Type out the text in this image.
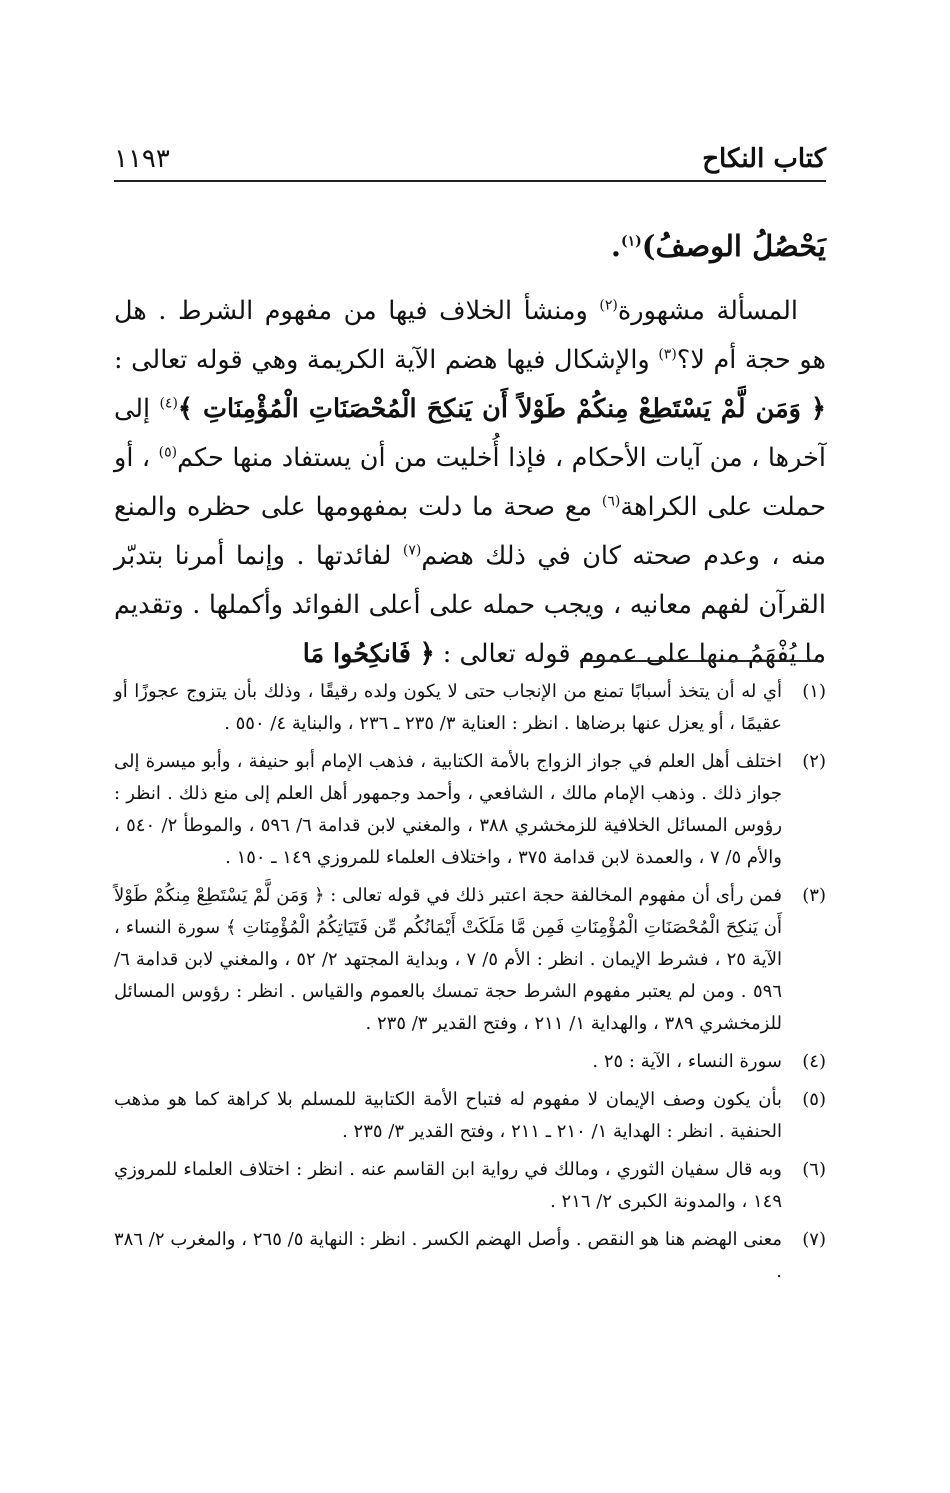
كتاب النكاح
١١٩٣

يَحْصُلُ الوصفُ)$^{(١)}$.

المسألة مشهورة$^{(٢)}$ ومنشأ الخلاف فيها من مفهوم الشرط . هل هو حجة أم لا؟$^{(٣)}$ والإشكال فيها هضم الآية الكريمة وهي قوله تعالى : ﴿ وَمَن لَّمْ يَسْتَطِعْ مِنكُمْ طَوْلاً أَن يَنكِحَ الْمُحْصَنَاتِ الْمُؤْمِنَاتِ ﴾$^{(٤)}$ إلى آخرها ، من آيات الأحكام ، فإذا أُخليت من أن يستفاد منها حكم$^{(٥)}$ ، أو حملت على الكراهة$^{(٦)}$ مع صحة ما دلت بمفهومها على حظره والمنع منه ، وعدم صحته كان في ذلك هضم$^{(٧)}$ لفائدتها . وإنما أمرنا بتدبّر القرآن لفهم معانيه ، ويجب حمله على أعلى الفوائد وأكملها . وتقديم ما يُفْهَمُ منها على عموم قوله تعالى : ﴿ فَانكِحُوا مَا

(١)
أي له أن يتخذ أسبابًا تمنع من الإنجاب حتى لا يكون ولده رقيقًا ، وذلك بأن يتزوج عجوزًا أو عقيمًا ، أو يعزل عنها برضاها . انظر : العناية ٣/ ٢٣٥ ـ ٢٣٦ ، والبناية ٤/ ٥٥٠ .
(٢)
اختلف أهل العلم في جواز الزواج بالأمة الكتابية ، فذهب الإمام أبو حنيفة ، وأبو ميسرة إلى جواز ذلك . وذهب الإمام مالك ، الشافعي ، وأحمد وجمهور أهل العلم إلى منع ذلك . انظر : رؤوس المسائل الخلافية للزمخشري ٣٨٨ ، والمغني لابن قدامة ٦/ ٥٩٦ ، والموطأ ٢/ ٥٤٠ ، والأم ٥/ ٧ ، والعمدة لابن قدامة ٣٧٥ ، واختلاف العلماء للمروزي ١٤٩ ـ ١٥٠ .
(٣)
فمن رأى أن مفهوم المخالفة حجة اعتبر ذلك في قوله تعالى : ﴿ وَمَن لَّمْ يَسْتَطِعْ مِنكُمْ طَوْلاً أَن يَنكِحَ الْمُحْصَنَاتِ الْمُؤْمِنَاتِ فَمِن مَّا مَلَكَتْ أَيْمَانُكُم مِّن فَتَيَاتِكُمُ الْمُؤْمِنَاتِ ﴾ سورة النساء ، الآية ٢٥ ، فشرط الإيمان . انظر : الأم ٥/ ٧ ، وبداية المجتهد ٢/ ٥٢ ، والمغني لابن قدامة ٦/ ٥٩٦ . ومن لم يعتبر مفهوم الشرط حجة تمسك بالعموم والقياس . انظر : رؤوس المسائل للزمخشري ٣٨٩ ، والهداية ١/ ٢١١ ، وفتح القدير ٣/ ٢٣٥ .
(٤)
سورة النساء ، الآية : ٢٥ .
(٥)
بأن يكون وصف الإيمان لا مفهوم له فتباح الأمة الكتابية للمسلم بلا كراهة كما هو مذهب الحنفية . انظر : الهداية ١/ ٢١٠ ـ ٢١١ ، وفتح القدير ٣/ ٢٣٥ .
(٦)
وبه قال سفيان الثوري ، ومالك في رواية ابن القاسم عنه . انظر : اختلاف العلماء للمروزي ١٤٩ ، والمدونة الكبرى ٢/ ٢١٦ .
(٧)
معنى الهضم هنا هو النقص . وأصل الهضم الكسر . انظر : النهاية ٥/ ٢٦٥ ، والمغرب ٢/ ٣٨٦ .
